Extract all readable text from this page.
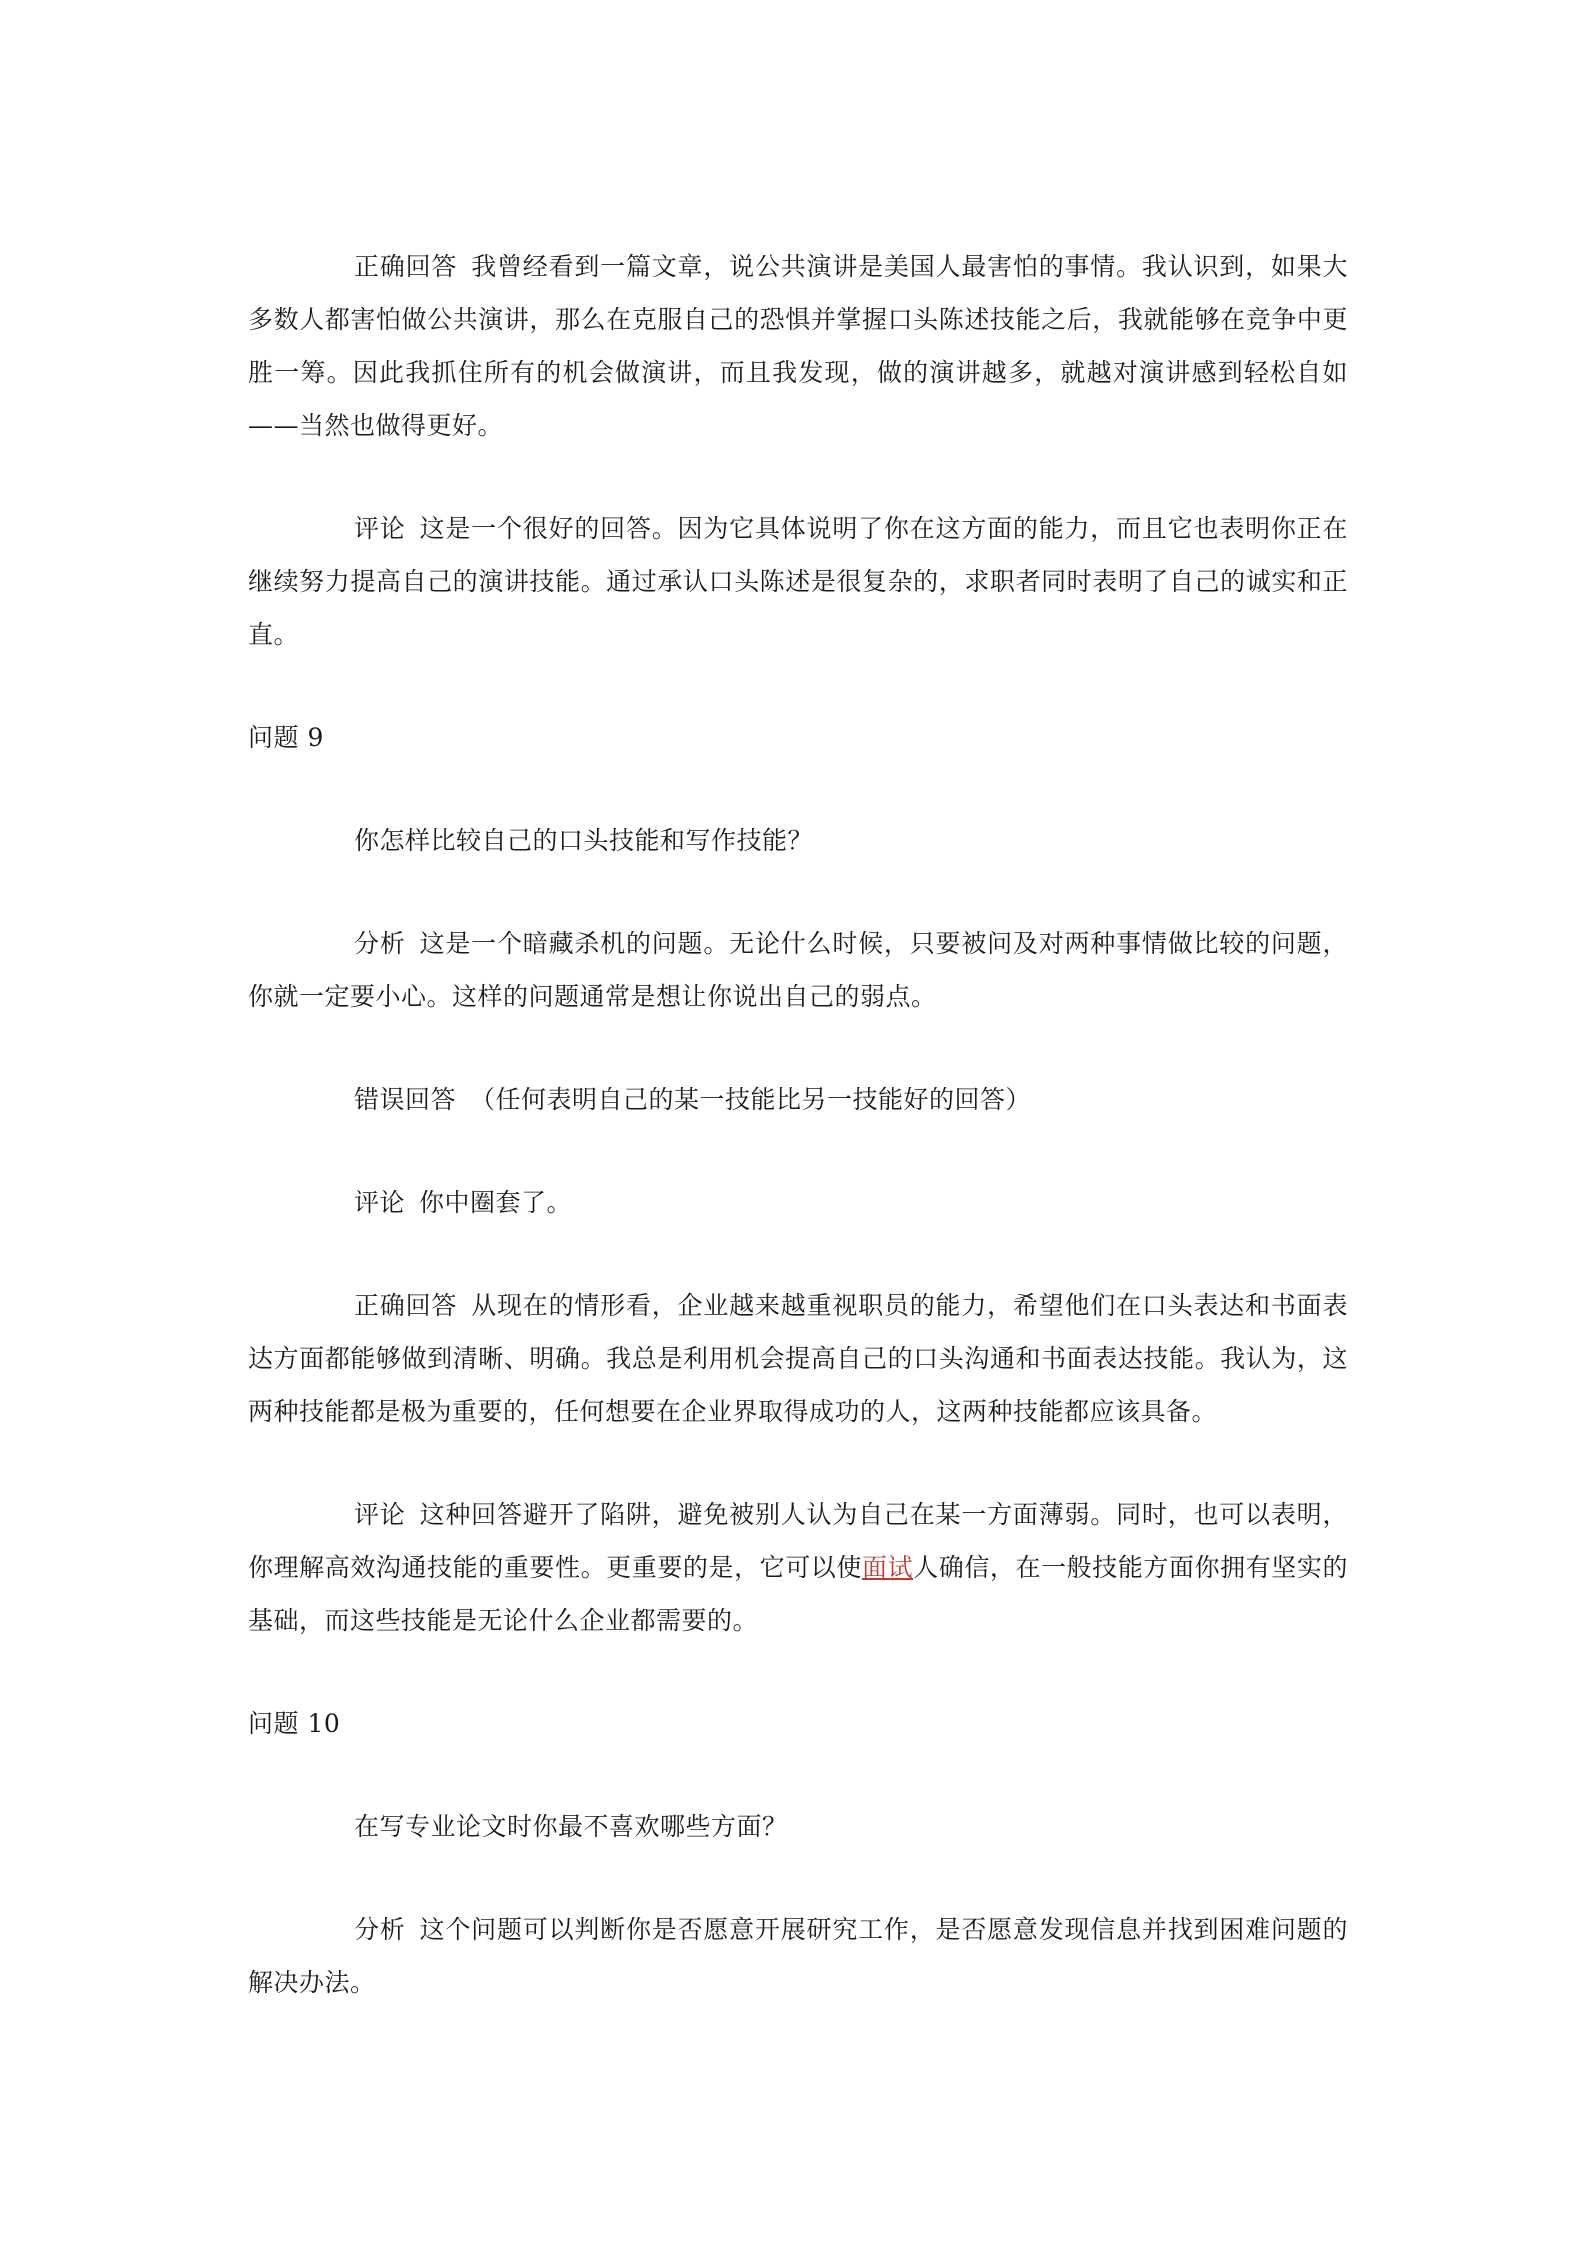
正确回答 我曾经看到一篇文章，说公共演讲是美国人最害怕的事情。我认识到，如果大多数人都害怕做公共演讲，那么在克服自己的恐惧并掌握口头陈述技能之后，我就能够在竞争中更胜一筹。因此我抓住所有的机会做演讲，而且我发现，做的演讲越多，就越对演讲感到轻松自如——当然也做得更好。

评论 这是一个很好的回答。因为它具体说明了你在这方面的能力，而且它也表明你正在继续努力提高自己的演讲技能。通过承认口头陈述是很复杂的，求职者同时表明了自己的诚实和正直。

问题 9

你怎样比较自己的口头技能和写作技能？

分析 这是一个暗藏杀机的问题。无论什么时候，只要被问及对两种事情做比较的问题，你就一定要小心。这样的问题通常是想让你说出自己的弱点。

错误回答 （任何表明自己的某一技能比另一技能好的回答）

评论 你中圈套了。

正确回答 从现在的情形看，企业越来越重视职员的能力，希望他们在口头表达和书面表达方面都能够做到清晰、明确。我总是利用机会提高自己的口头沟通和书面表达技能。我认为，这两种技能都是极为重要的，任何想要在企业界取得成功的人，这两种技能都应该具备。

评论 这种回答避开了陷阱，避免被别人认为自己在某一方面薄弱。同时，也可以表明，你理解高效沟通技能的重要性。更重要的是，它可以使面试人确信，在一般技能方面你拥有坚实的基础，而这些技能是无论什么企业都需要的。

问题 10

在写专业论文时你最不喜欢哪些方面？

分析 这个问题可以判断你是否愿意开展研究工作，是否愿意发现信息并找到困难问题的解决办法。
